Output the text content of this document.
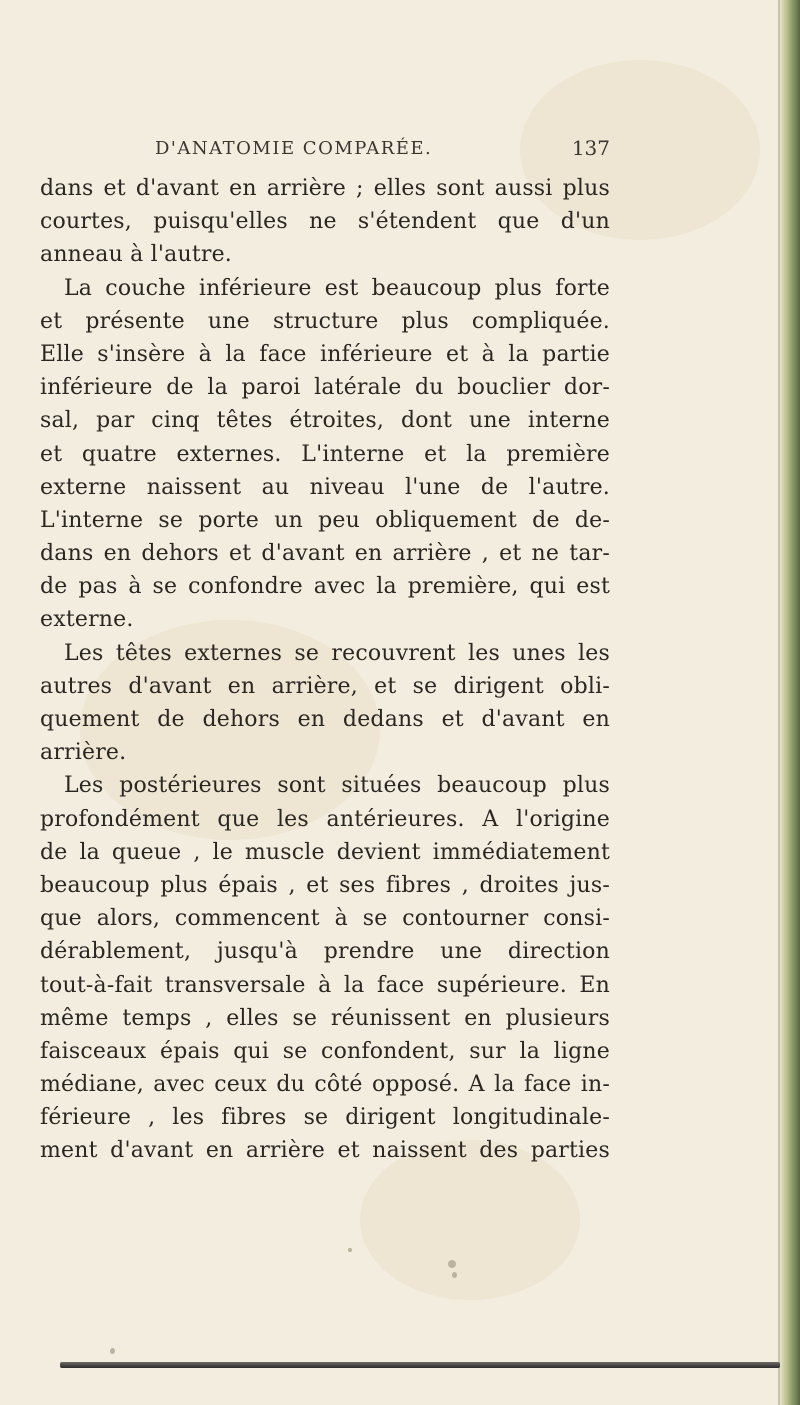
D'ANATOMIE COMPARÉE.	137
dans et d'avant en arrière ; elles sont aussi plus
courtes, puisqu'elles ne s'étendent que d'un
anneau à l'autre.
La couche inférieure est beaucoup plus forte
et présente une structure plus compliquée.
Elle s'insère à la face inférieure et à la partie
inférieure de la paroi latérale du bouclier dor-
sal, par cinq têtes étroites, dont une interne
et quatre externes. L'interne et la première
externe naissent au niveau l'une de l'autre.
L'interne se porte un peu obliquement de de-
dans en dehors et d'avant en arrière , et ne tar-
de pas à se confondre avec la première, qui est
externe.
Les têtes externes se recouvrent les unes les
autres d'avant en arrière, et se dirigent obli-
quement de dehors en dedans et d'avant en
arrière.
Les postérieures sont situées beaucoup plus
profondément que les antérieures. A l'origine
de la queue , le muscle devient immédiatement
beaucoup plus épais , et ses fibres , droites jus-
que alors, commencent à se contourner consi-
dérablement, jusqu'à prendre une direction
tout-à-fait transversale à la face supérieure. En
même temps , elles se réunissent en plusieurs
faisceaux épais qui se confondent, sur la ligne
médiane, avec ceux du côté opposé. A la face in-
férieure , les fibres se dirigent longitudinale-
ment d'avant en arrière et naissent des parties
